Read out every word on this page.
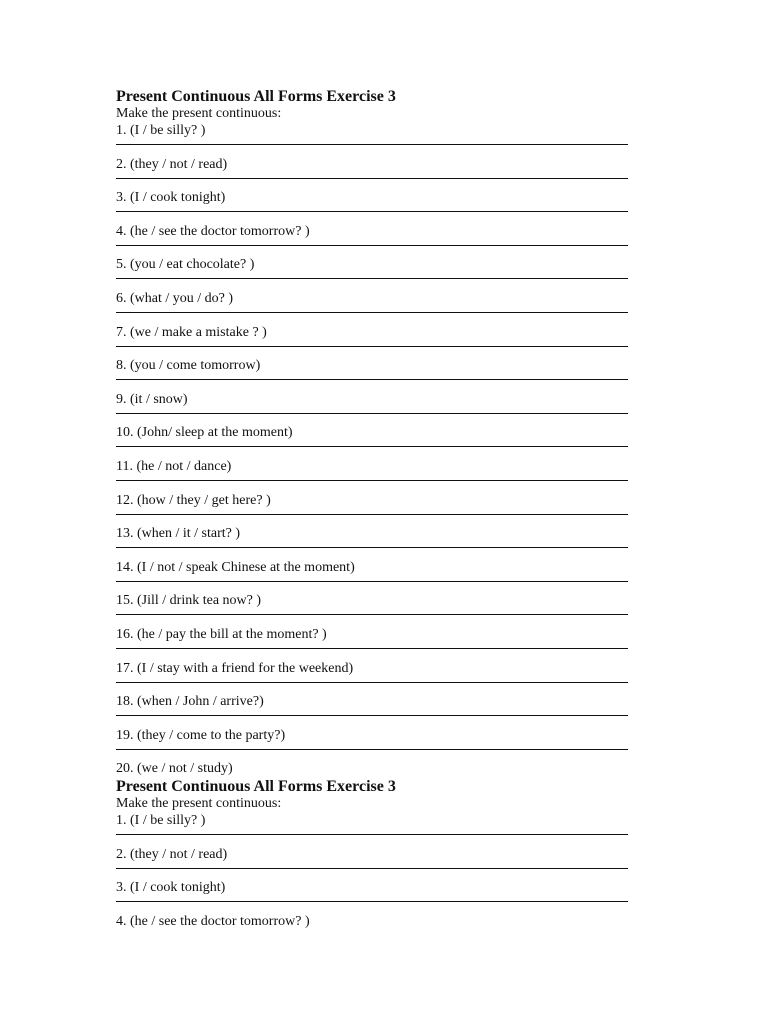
Present Continuous All Forms Exercise 3
Make the present continuous:
1. (I / be silly? )
2. (they / not / read)
3. (I / cook tonight)
4. (he / see the doctor tomorrow? )
5. (you / eat chocolate? )
6. (what / you / do? )
7. (we / make a mistake ? )
8. (you / come tomorrow)
9. (it / snow)
10. (John/ sleep at the moment)
11. (he / not / dance)
12. (how / they / get here? )
13. (when / it / start? )
14. (I / not / speak Chinese at the moment)
15. (Jill / drink tea now? )
16. (he / pay the bill at the moment? )
17. (I / stay with a friend for the weekend)
18. (when / John / arrive?)
19. (they / come to the party?)
20. (we / not / study)
Present Continuous All Forms Exercise 3
Make the present continuous:
1. (I / be silly? )
2. (they / not / read)
3. (I / cook tonight)
4. (he / see the doctor tomorrow? )
